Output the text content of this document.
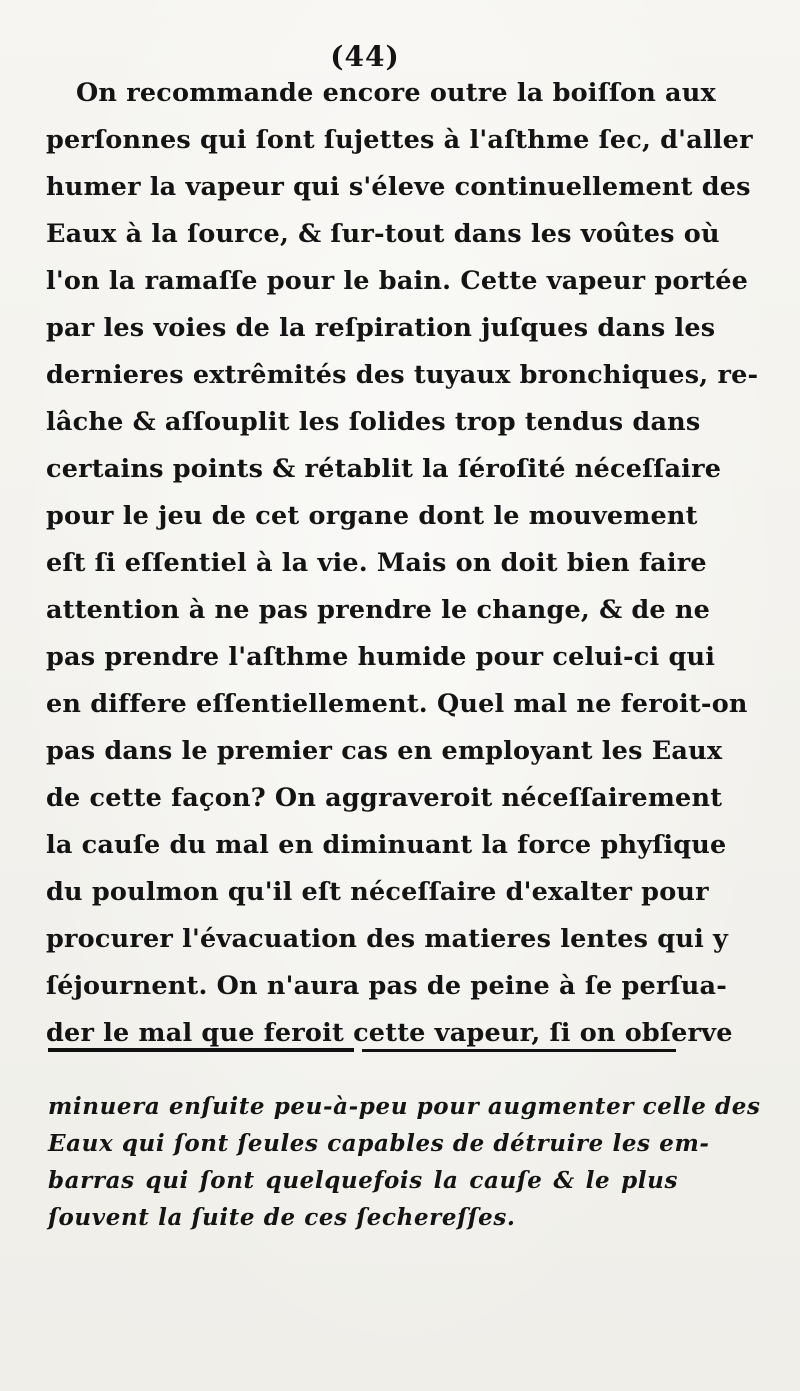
(44)
On recommande encore outre la boiſſon aux
perſonnes qui ſont ſujettes à l'aſthme ſec, d'aller
humer la vapeur qui s'éleve continuellement des
Eaux à la ſource, & ſur-tout dans les voûtes où
l'on la ramaſſe pour le bain. Cette vapeur portée
par les voies de la reſpiration juſques dans les
dernieres extrêmités des tuyaux bronchiques, re-
lâche & aſſouplit les ſolides trop tendus dans
certains points & rétablit la ſéroſité néceſſaire
pour le jeu de cet organe dont le mouvement
eſt ſi eſſentiel à la vie. Mais on doit bien faire
attention à ne pas prendre le change, & de ne
pas prendre l'aſthme humide pour celui-ci qui
en differe eſſentiellement. Quel mal ne feroit-on
pas dans le premier cas en employant les Eaux
de cette façon? On aggraveroit néceſſairement
la cauſe du mal en diminuant la force phyſique
du poulmon qu'il eſt néceſſaire d'exalter pour
procurer l'évacuation des matieres lentes qui y
ſéjournent. On n'aura pas de peine à ſe perſua-
der le mal que feroit cette vapeur, ſi on obſerve
minuera enſuite peu-à-peu pour augmenter celle des
Eaux qui ſont ſeules capables de détruire les em-
barras qui ſont quelquefois la cauſe & le plus
ſouvent la ſuite de ces ſechereſſes.
